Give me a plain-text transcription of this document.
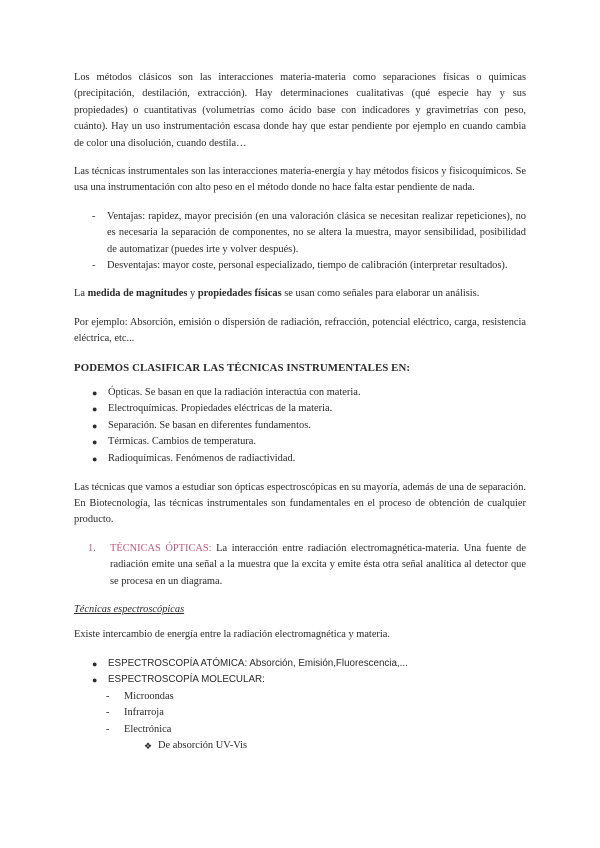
Los métodos clásicos son las interacciones materia-materia como separaciones físicas o químicas (precipitación, destilación, extracción). Hay determinaciones cualitativas (qué especie hay y sus propiedades) o cuantitativas (volumetrías como ácido base con indicadores y gravimetrías con peso, cuánto). Hay un uso instrumentación escasa donde hay que estar pendiente por ejemplo en cuando cambia de color una disolución, cuando destila…

Las técnicas instrumentales son las interacciones materia-energía y hay métodos físicos y fisicoquímicos. Se usa una instrumentación con alto peso en el método donde no hace falta estar pendiente de nada.

- Ventajas: rapidez, mayor precisión (en una valoración clásica se necesitan realizar repeticiones), no es necesaria la separación de componentes, no se altera la muestra, mayor sensibilidad, posibilidad de automatizar (puedes irte y volver después).
- Desventajas: mayor coste, personal especializado, tiempo de calibración (interpretar resultados).

La medida de magnitudes y propiedades físicas se usan como señales para elaborar un análisis.

Por ejemplo: Absorción, emisión o dispersión de radiación, refracción, potencial eléctrico, carga, resistencia eléctrica, etc...

PODEMOS CLASIFICAR LAS TÉCNICAS INSTRUMENTALES EN:
● Ópticas. Se basan en que la radiación interactúa con materia.
● Electroquímicas. Propiedades eléctricas de la materia.
● Separación. Se basan en diferentes fundamentos.
● Térmicas. Cambios de temperatura.
● Radioquímicas. Fenómenos de radiactividad.

Las técnicas que vamos a estudiar son ópticas espectroscópicas en su mayoría, además de una de separación. En Biotecnología, las técnicas instrumentales son fundamentales en el proceso de obtención de cualquier producto.

1. TÉCNICAS ÓPTICAS: La interacción entre radiación electromagnética-materia. Una fuente de radiación emite una señal a la muestra que la excita y emite ésta otra señal analítica al detector que se procesa en un diagrama.

Técnicas espectroscópicas

Existe intercambio de energía entre la radiación electromagnética y materia.

● ESPECTROSCOPÍA ATÓMICA: Absorción, Emisión,Fluorescencia,...
● ESPECTROSCOPÍA MOLECULAR:
- Microondas
- Infrarroja
- Electrónica
❖ De absorción UV-Vis
